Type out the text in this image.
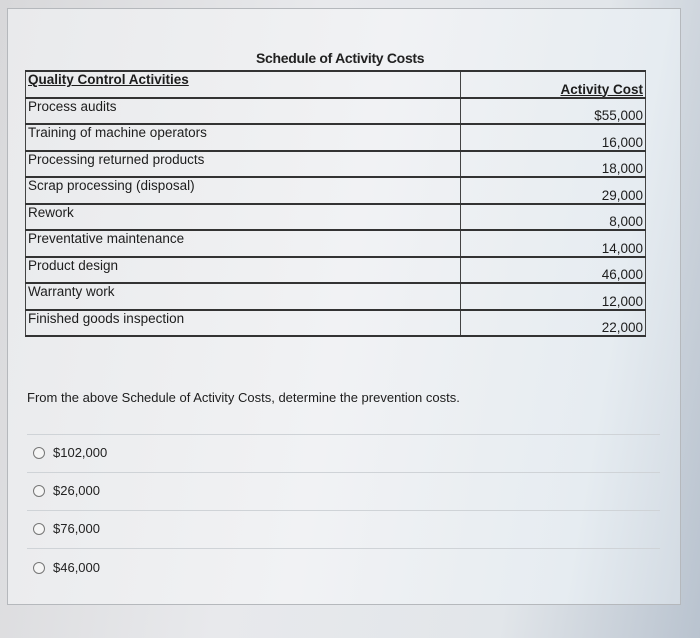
Schedule of Activity Costs
Quality Control Activities	Activity Cost
Process audits	$55,000
Training of machine operators	16,000
Processing returned products	18,000
Scrap processing (disposal)	29,000
Rework	8,000
Preventative maintenance	14,000
Product design	46,000
Warranty work	12,000
Finished goods inspection	22,000
From the above Schedule of Activity Costs, determine the prevention costs.
$102,000
$26,000
$76,000
$46,000
